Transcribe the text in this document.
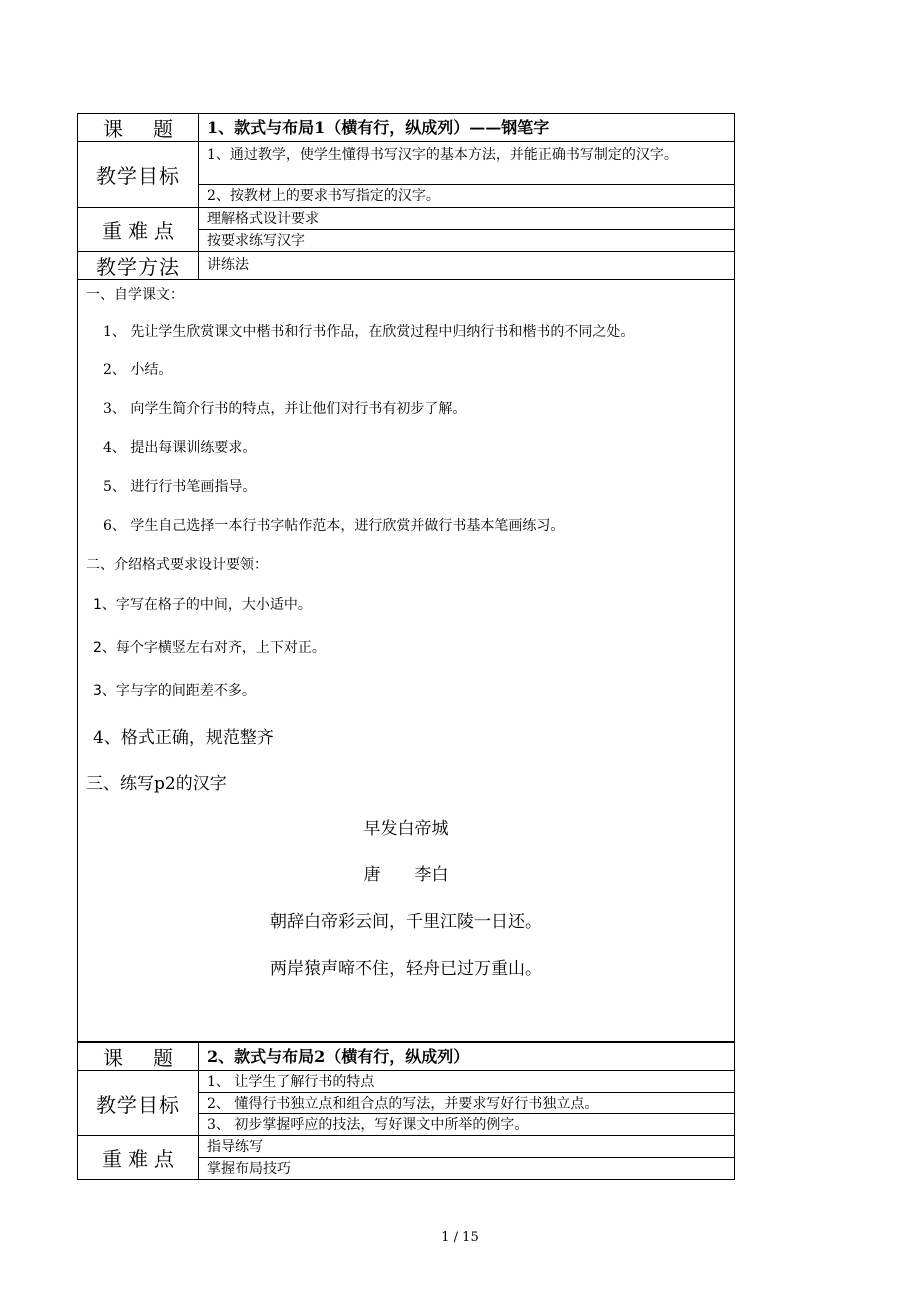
课题 1、款式与布局1（横有行，纵成列）——钢笔字
教学目标
1、通过教学，使学生懂得书写汉字的基本方法，并能正确书写制定的汉字。
2、按教材上的要求书写指定的汉字。
重难点	理解格式设计要求
按要求练写汉字
教学方法	讲练法
一、自学课文：
1、 先让学生欣赏课文中楷书和行书作品，在欣赏过程中归纳行书和楷书的不同之处。
2、 小结。
3、 向学生简介行书的特点，并让他们对行书有初步了解。
4、 提出每课训练要求。
5、 进行行书笔画指导。
6、 学生自己选择一本行书字帖作范本，进行欣赏并做行书基本笔画练习。
二、介绍格式要求设计要领：
1、字写在格子的中间，大小适中。
2、每个字横竖左右对齐，上下对正。
3、字与字的间距差不多。
4、格式正确，规范整齐
三、练写p2的汉字
早发白帝城
唐　　李白
朝辞白帝彩云间，千里江陵一日还。
两岸猿声啼不住，轻舟已过万重山。
课题 2、款式与布局2（横有行，纵成列）
教学目标
1、 让学生了解行书的特点
2、 懂得行书独立点和组合点的写法，并要求写好行书独立点。
3、 初步掌握呼应的技法，写好课文中所举的例字。
重难点	指导练写
掌握布局技巧
1 / 15
